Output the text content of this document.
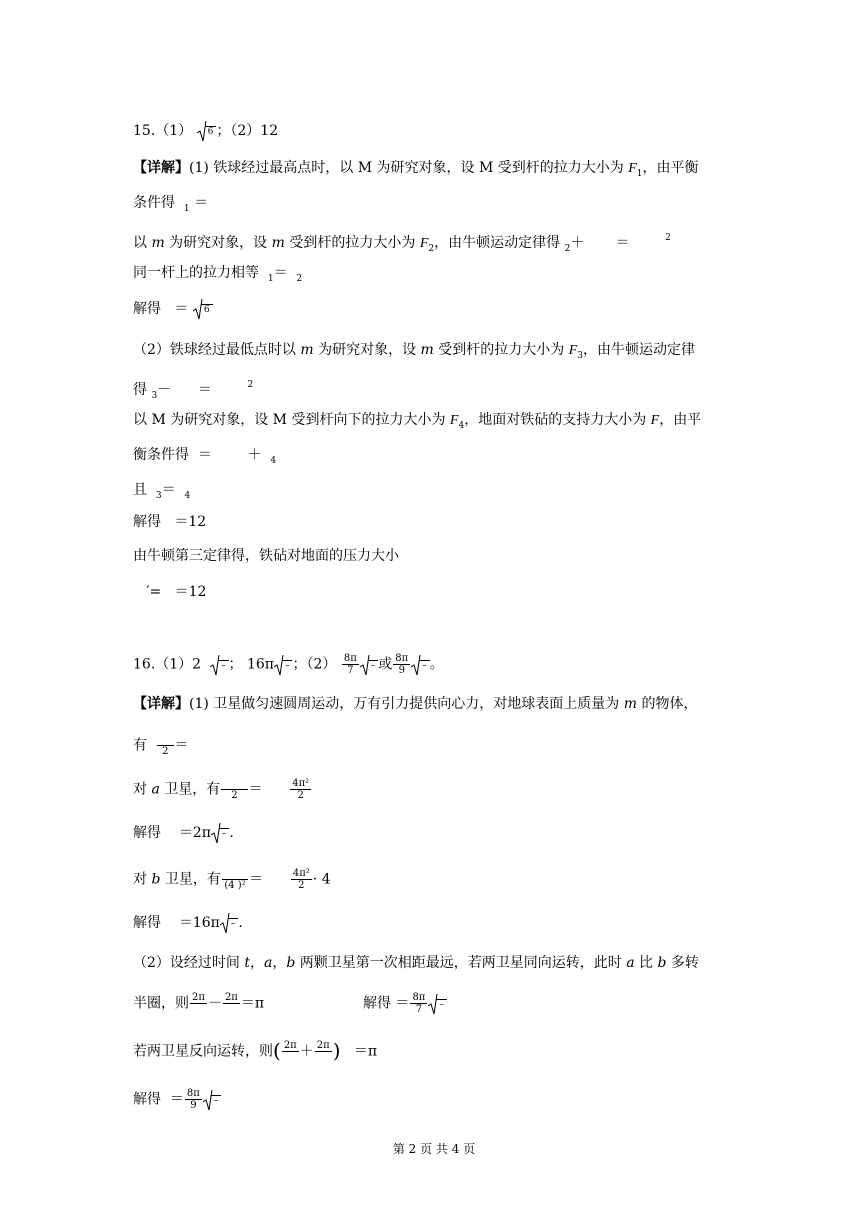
15.（1） 6 ；（2）12
【详解】(1) 铁球经过最高点时，以 M 为研究对象，设 M 受到杆的拉力大小为 $F_1$，由平衡
条件得 $_1$ ＝
以 m 为研究对象，设 m 受到杆的拉力大小为 $F_2$，由牛顿运动定律得 $_2$＋ ＝	$^2$
同一杆上的拉力相等 $_1$＝ $_2$
解得 ＝ 6
（2）铁球经过最低点时以 m 为研究对象，设 m 受到杆的拉力大小为 $F_3$，由牛顿运动定律
得 $_3$－ ＝	$^2$
以 M 为研究对象，设 M 受到杆向下的拉力大小为 $F_4$，地面对铁砧的支持力大小为 F，由平
衡条件得 ＝	＋ $_4$
且 $_3$＝ $_4$
解得 ＝12
由牛顿第三定律得，铁砧对地面的压力大小
′= ＝12
16.（1）2 – ； 16π – ；$(2) \frac{8\pi}{7}$ – 或 $\frac{8\pi}{9}$ – 。
【详解】(1) 卫星做匀速圆周运动，万有引力提供向心力，对地球表面上质量为 m 的物体，
有
	2 ＝
对 a 卫星，有
	2 ＝	$\frac{\text{4π²}}{2}$
解得 ＝2π – .
对 b 卫星，有
(4 )² ＝	$\frac{\text{4π²}}{2} \cdot 4$
解得 ＝16π – .
（2）设经过时间 t，a，b 两颗卫星第一次相距最远，若两卫星同向运转，此时 a 比 b 多转
半圈，则 2π
－ 2π
＝π	解得 ＝ $\frac{8\pi}{7}$ –
若两卫星反向运转，则( 2π
＋ 2π
) ＝π
解得 ＝ $\frac{8\pi}{9}$ –
第 2 页 共 4 页
